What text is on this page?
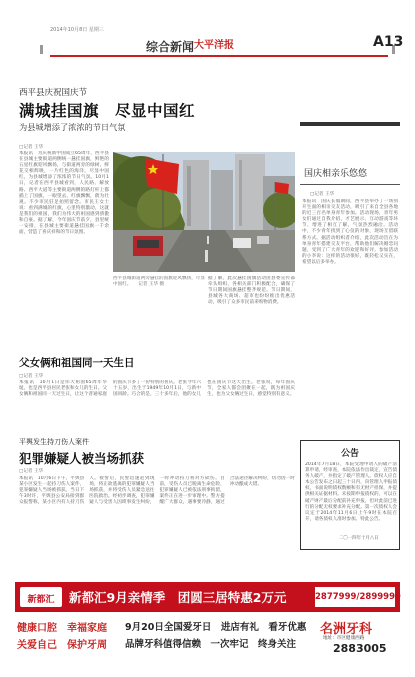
2014年10月8日 星期三
综合新闻 大平洋报	A13
西平县庆祝国庆节
满城挂国旗　尽显中国红
为县城增添了浓浓的节日气氛
□记者 王华
本报讯　为庆祝新中国成立65周年，西平县在县城主要街道两侧统一悬挂国旗，鲜艳的五星红旗迎风飘扬，与街道两旁的绿树、鲜花交相辉映，一片红色的海洋，尽显中国红，为县城增添了浓浓的节日气氛。10月1日，记者在西平县城看到，人民路、解放路、西平大道等主要街道两侧的路灯杆上都插上了国旗，一眼望去，红旗飘飘，蔚为壮观。不少市民驻足拍照留念。市民王女士说：看到满城的红旗，心里特别激动，这就是我们的祖国，我们为伟大的祖国感到骄傲和自豪。据了解，今年国庆节前夕，县里统一安排，在县城主要街道悬挂国旗一千余面，营造了喜庆祥和的节日氛围。
西平县城街道两旁悬挂的国旗迎风飘扬，尽显中国红。　　记者 王华 摄
据了解，此次悬挂国旗活动由县委宣传部牵头组织，各相关部门积极配合，确保了节日期间国旗悬挂整齐规范。节日期间，县城各大商场、超市也纷纷推出优惠活动，吸引了众多市民前来购物消费。
国庆相亲乐悠悠
□记者 王华
本报讯　国庆长假期间，西平县举办了一场别开生面的相亲交友活动，吸引了来自全县各地的近三百名单身青年参加。活动现场，青年男女们通过自我介绍、才艺展示、互动游戏等环节，增进了相互了解，气氛热烈融洽。活动中，不少青年找到了心仪的对象，现场互留联系方式。据活动组织者介绍，此次活动旨在为单身青年搭建交友平台，帮助他们解决婚恋问题，受到了广大青年的欢迎和好评。参加活动的小李说：这样的活动很好，既轻松又实在，希望以后多举办。
父女俩和祖国同一天生日
□记者 王华
本报讯　10月1日是伟大祖国65周年华诞，也是西平县居民老张和女儿的生日。父女俩和祖国同一天过生日，让这个普通家庭的国庆节多了一份特别的喜庆。老张今年六十五岁，出生于1949年10月1日，与新中国同龄。巧合的是，三十多年后，他的女儿也在国庆节这天出生。老张说，每年国庆节，全家人都会团聚在一起，既为祖国庆生，也为父女俩过生日，感觉特别有意义。
平舆发生持刀伤人案件
犯罪嫌疑人被当场抓获
□记者 王华
本报讯　10月6日下午，平舆县某小区发生一起持刀伤人案件，犯罪嫌疑人当场被抓获。当日下午3时许，平舆县公安局接到群众报警称，某小区内有人持刀伤人。接警后，民警迅速赶到现场，将正欲逃离的犯罪嫌疑人当场抓获，并将受伤人员紧急送往医院救治。经初步调查，犯罪嫌疑人与受害人因琐事发生纠纷，一时冲动持刀将对方砍伤。目前，受伤人员已脱离生命危险，犯罪嫌疑人已被依法刑事拘留，案件正在进一步审理中。警方提醒广大群众，遇事要冷静，通过合法途径解决纠纷，切勿因一时冲动酿成大错。
公告
2014年7月18日，本院受理申请人的破产清算申请，经审查，本院依法作出裁定，宣告债务人破产，并指定了破产管理人。债权人应自本公告发布之日起三十日内，向管理人申报债权，书面说明债权数额和有无财产担保，并提供相关证据材料。未按期申报债权的，可以在破产财产最后分配前补充申报，但对此前已进行的分配无权要求补充分配。第一次债权人会议定于2014年11月6日上午9时在本院召开，请各债权人准时参加。特此公告。
二〇一四年十月八日
新都汇	新都汇9月亲情季　团圆三居特惠2万元	2877999/2899999
健康口腔　幸福家庭
关爱自己　保护牙周
9月20日全国爱牙日　进店有礼　看牙优惠
品牌牙科值得信赖　一次牢记　终身关注
名洲牙科
地址：市区健康西路
2883005
